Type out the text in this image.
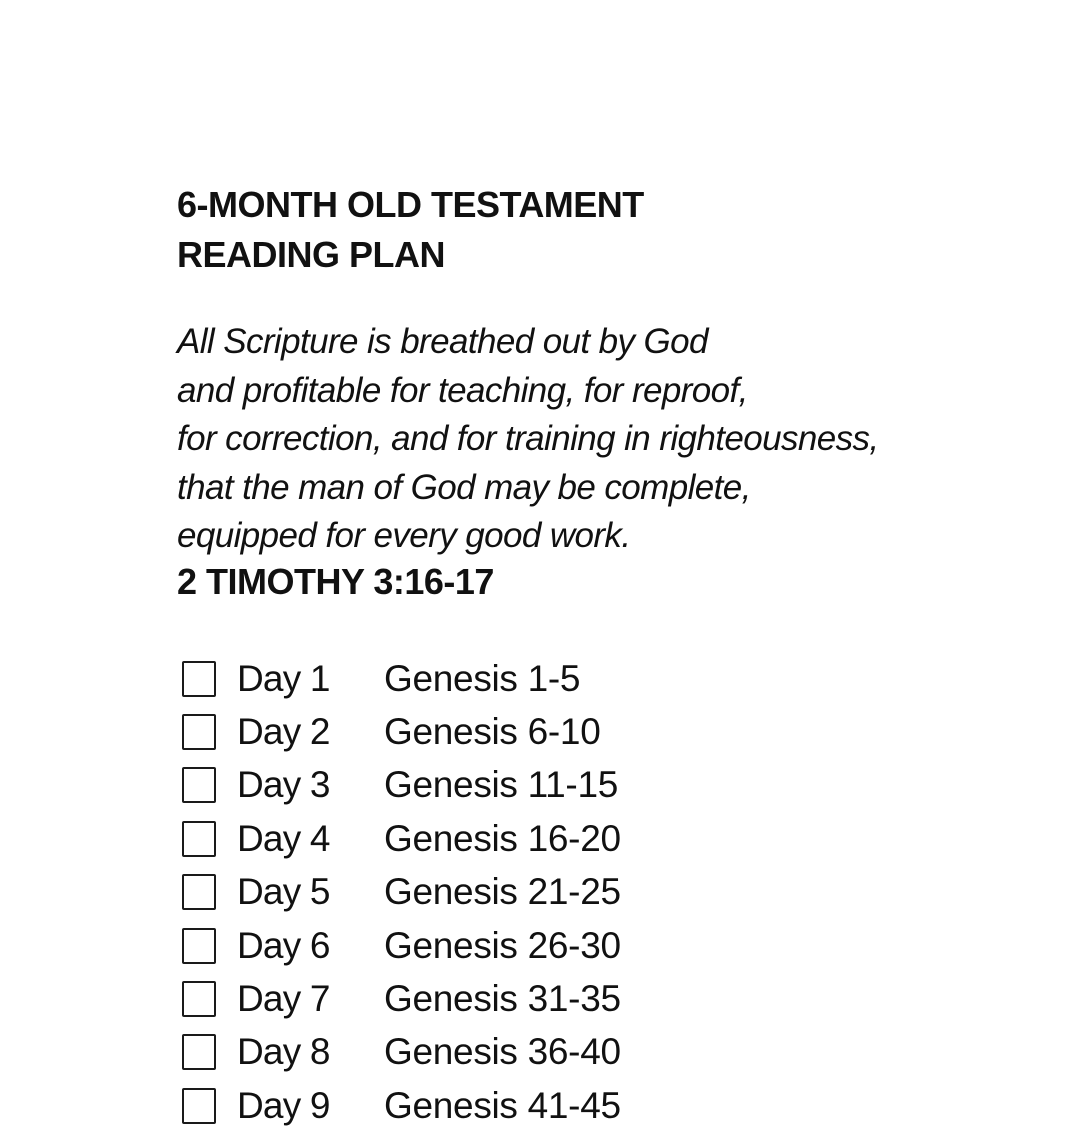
6-MONTH OLD TESTAMENT
READING PLAN

All Scripture is breathed out by God
and profitable for teaching, for reproof,
for correction, and for training in righteousness,
that the man of God may be complete,
equipped for every good work.

2 TIMOTHY 3:16-17

Day 1	Genesis 1-5
Day 2	Genesis 6-10
Day 3	Genesis 11-15
Day 4	Genesis 16-20
Day 5	Genesis 21-25
Day 6	Genesis 26-30
Day 7	Genesis 31-35
Day 8	Genesis 36-40
Day 9	Genesis 41-45
